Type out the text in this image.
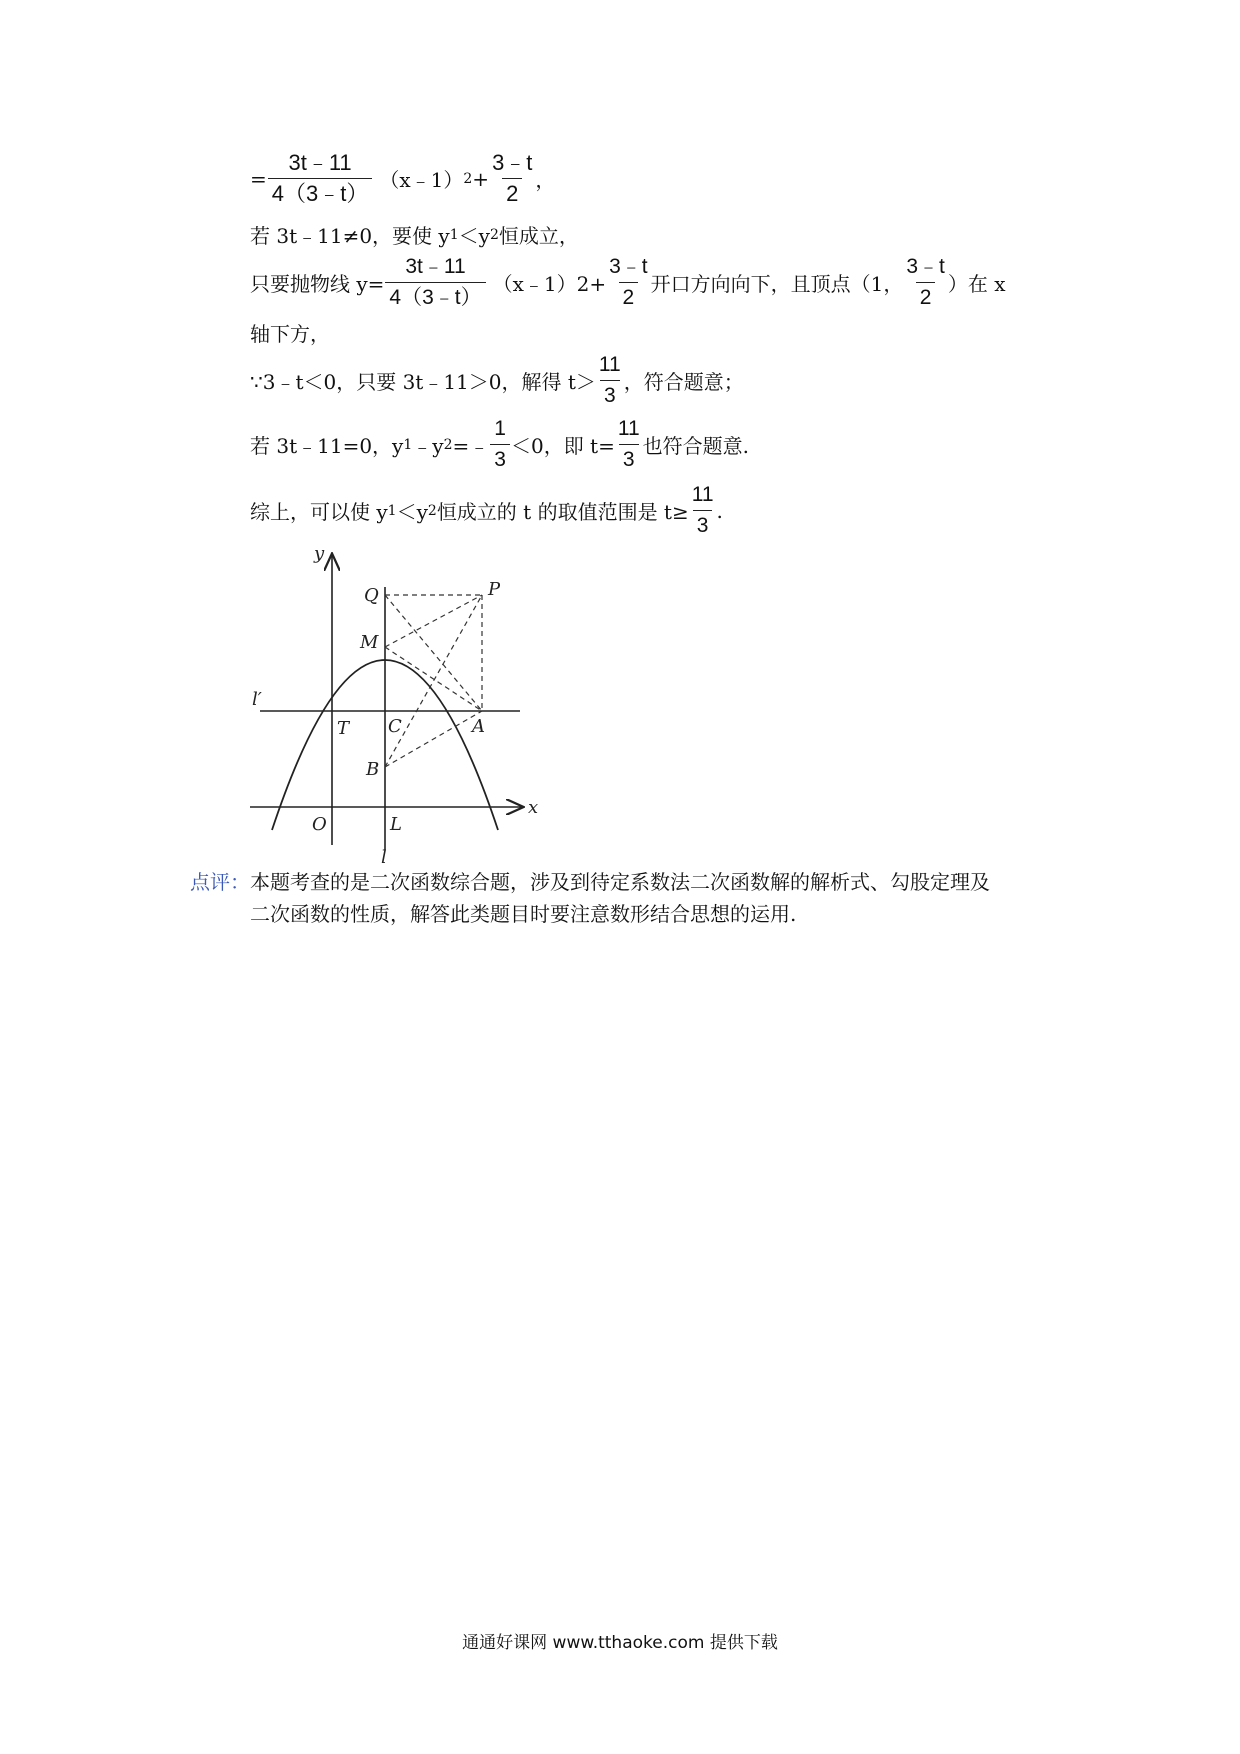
= $\frac{3t﹣11}{4(3﹣t)}$ （x﹣1） $2 + \frac{3﹣t}{2}$ ，
若 3t﹣11≠0，要使 y 1 ＜y 2 恒成立，
只要抛物线 $y= \frac{3t﹣11}{4(3﹣t)}$ （x﹣1）2+ $\frac{3﹣t}{2}$ 开口方向向下，且顶点（1， $\frac{3﹣t}{2}$ ）在 x
轴下方，
∵3﹣t＜0，只要 3t﹣11＞0，解得 $t> \frac{11}{3}$ ，符合题意；
若 3t﹣11=0，y 1 ﹣y 2 =﹣ $\frac{1}{3} <0$，即 $t= \frac{11}{3}$ 也符合题意.
综上，可以使 y 1 ＜y 2 恒成立的 t 的取值范围是 $t\ge \frac{11}{3}$ .
y
x
O	L
l
l′
Q	P
M
T C	A
B
点评：本题考查的是二次函数综合题，涉及到待定系数法二次函数解的解析式、勾股定理及
二次函数的性质，解答此类题目时要注意数形结合思想的运用.
通通好课网 www.tthaoke.com 提供下载
